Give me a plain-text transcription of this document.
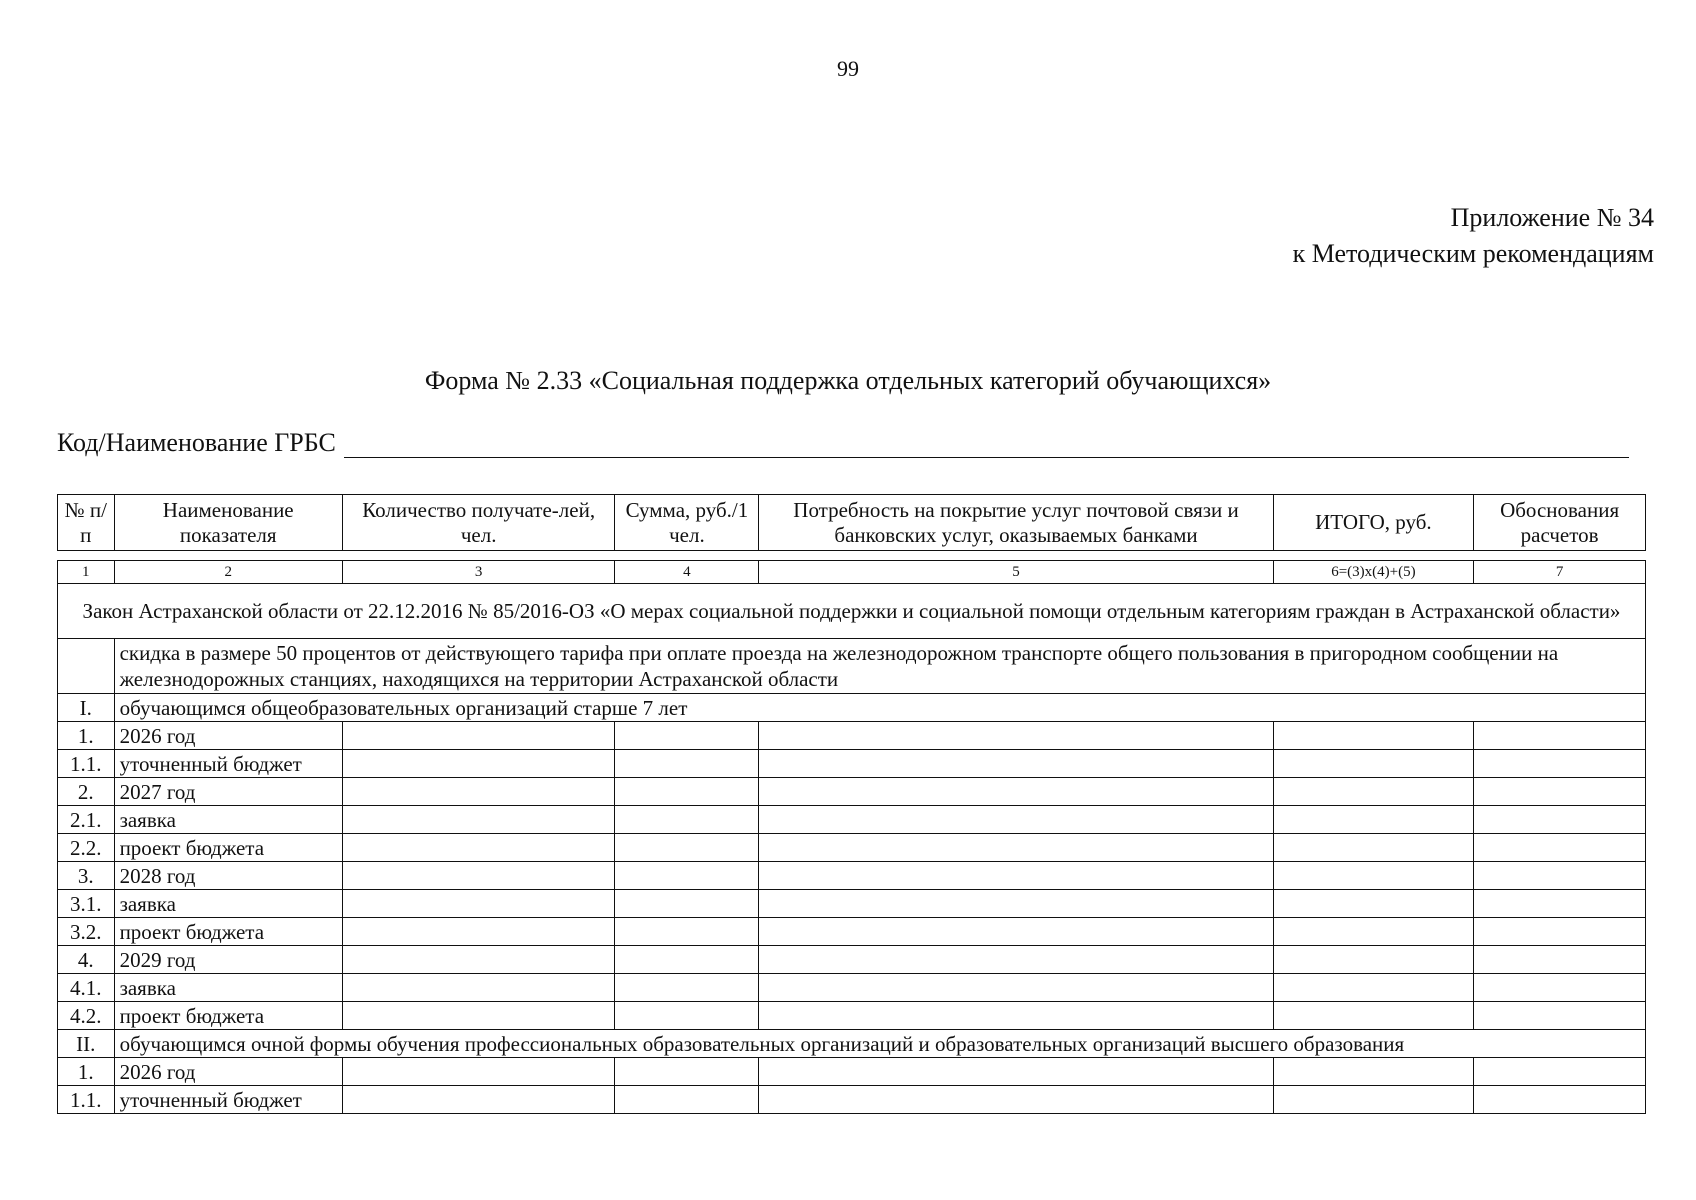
99
Приложение № 34
к Методическим рекомендациям
Форма № 2.33 «Социальная поддержка отдельных категорий обучающихся»
Код/Наименование ГРБС
№ п/п	Наименование показателя	Количество получате-лей, чел.	Сумма, руб./1 чел.	Потребность на покрытие услуг почтовой связи и банковских услуг, оказываемых банками	ИТОГО, руб.	Обоснования расчетов
1	2	3	4	5	6=(3)х(4)+(5)	7
Закон Астраханской области от 22.12.2016 № 85/2016-ОЗ «О мерах социальной поддержки и социальной помощи отдельным категориям граждан в Астраханской области»						
	скидка в размере 50 процентов от действующего тарифа при оплате проезда на железнодорожном транспорте общего пользования в пригородном сообщении на железнодорожных станциях, находящихся на территории Астраханской области					
I.	обучающимся общеобразовательных организаций старше 7 лет					
1.	2026 год					
1.1.	уточненный бюджет					
2.	2027 год					
2.1.	заявка					
2.2.	проект бюджета					
3.	2028 год					
3.1.	заявка					
3.2.	проект бюджета					
4.	2029 год					
4.1.	заявка					
4.2.	проект бюджета					
II.	обучающимся очной формы обучения профессиональных образовательных организаций и образовательных организаций высшего образования					
1.	2026 год					
1.1.	уточненный бюджет					
